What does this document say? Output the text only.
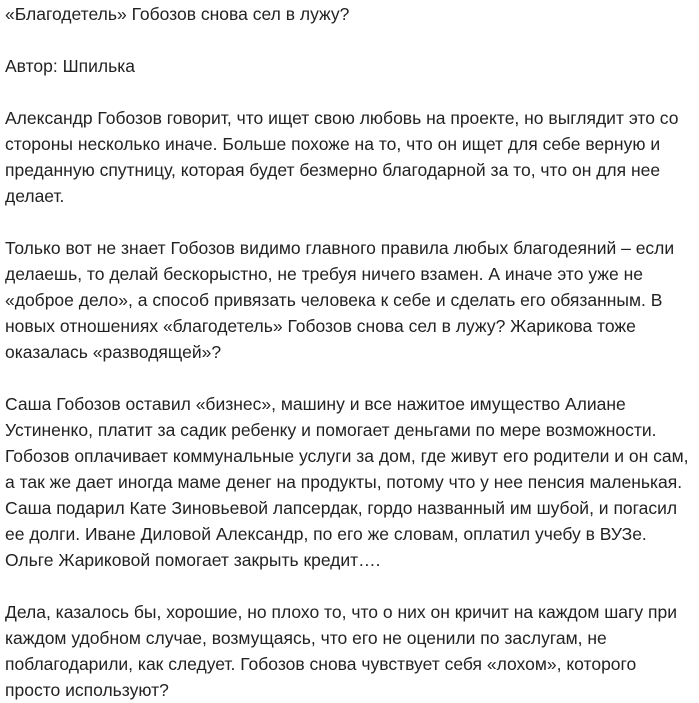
«Благодетель» Гобозов снова сел в лужу?

Автор: Шпилька

Александр Гобозов говорит, что ищет свою любовь на проекте, но выглядит это со стороны несколько иначе. Больше похоже на то, что он ищет для себе верную и преданную спутницу, которая будет безмерно благодарной за то, что он для нее делает.

Только вот не знает Гобозов видимо главного правила любых благодеяний – если делаешь, то делай бескорыстно, не требуя ничего взамен. А иначе это уже не «доброе дело», а способ привязать человека к себе и сделать его обязанным. В новых отношениях «благодетель» Гобозов снова сел в лужу? Жарикова тоже оказалась «разводящей»?

Саша Гобозов оставил «бизнес», машину и все нажитое имущество Алиане Устиненко, платит за садик ребенку и помогает деньгами по мере возможности. Гобозов оплачивает коммунальные услуги за дом, где живут его родители и он сам, а так же дает иногда маме денег на продукты, потому что у нее пенсия маленькая. Саша подарил Кате Зиновьевой лапсердак, гордо названный им шубой, и погасил ее долги. Иване Диловой Александр, по его же словам, оплатил учебу в ВУЗе. Ольге Жариковой помогает закрыть кредит….

Дела, казалось бы, хорошие, но плохо то, что о них он кричит на каждом шагу при каждом удобном случае, возмущаясь, что его не оценили по заслугам, не поблагодарили, как следует. Гобозов снова чувствует себя «лохом», которого просто используют?
